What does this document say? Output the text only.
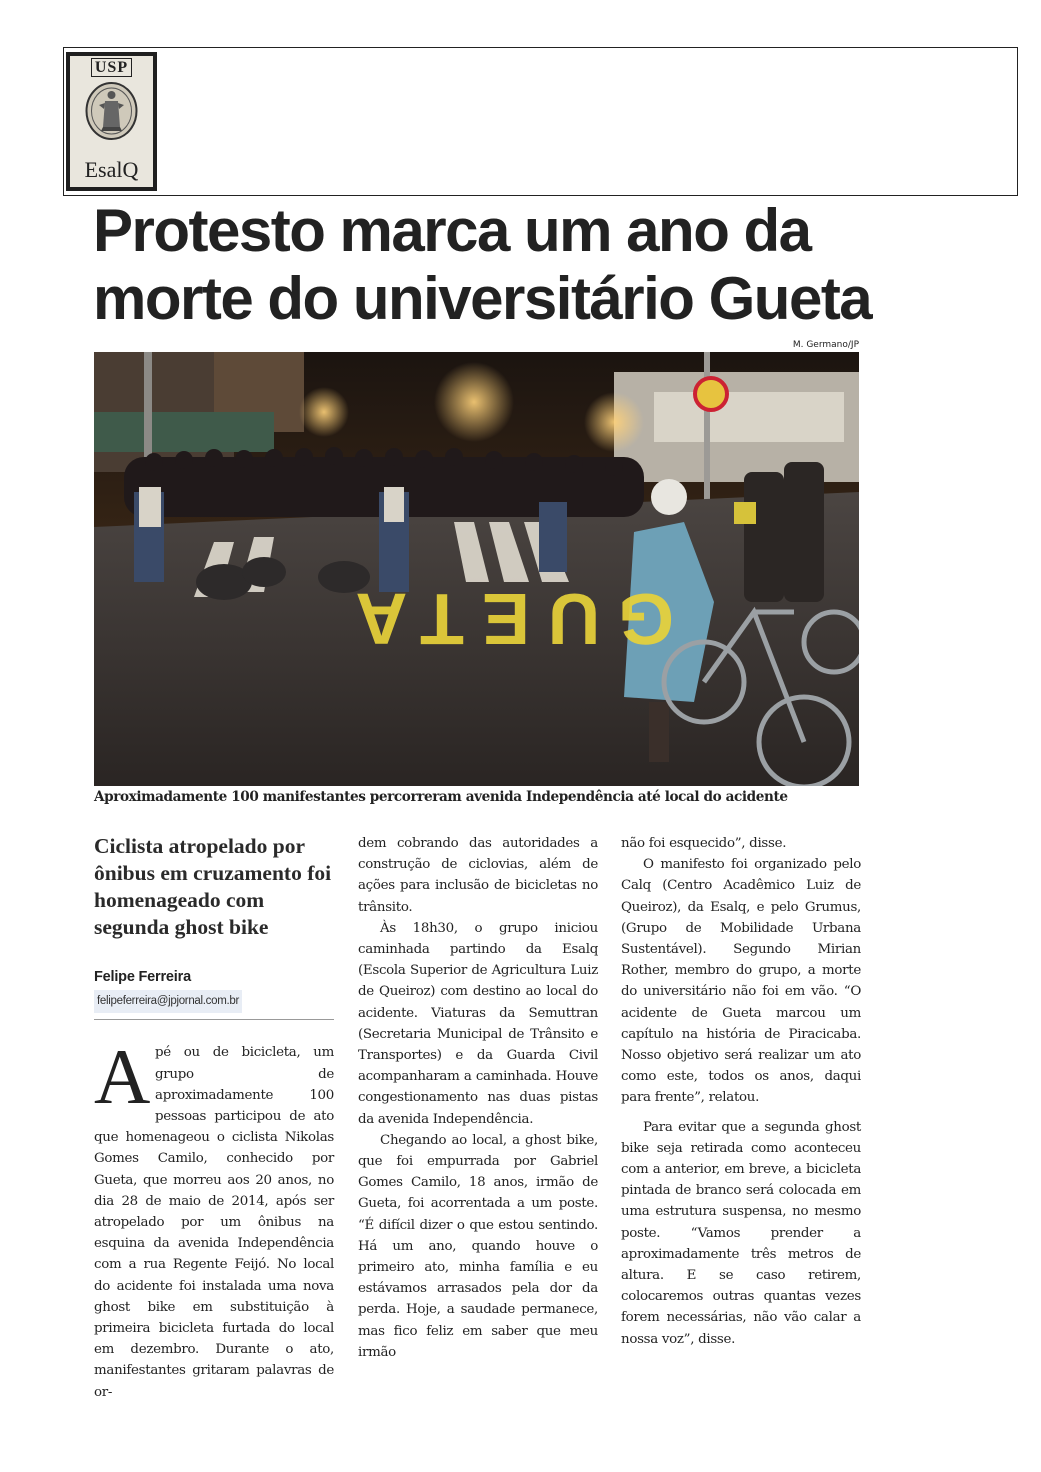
USP
EsalQ
Protesto marca um ano da morte do universitário Gueta
M. Germano/JP
GUETA
Aproximadamente 100 manifestantes percorreram avenida Independência até local do acidente
Ciclista atropelado por ônibus em cruzamento foi homenageado com segunda ghost bike
Felipe Ferreira
felipeferreira@jpjornal.com.br

Apé ou de bicicleta, um grupo de aproximadamente 100 pessoas participou de ato que homenageou o ciclista Nikolas Gomes Camilo, conhecido por Gueta, que morreu aos 20 anos, no dia 28 de maio de 2014, após ser atropelado por um ônibus na esquina da avenida Independência com a rua Regente Feijó. No local do acidente foi instalada uma nova ghost bike em substituição à primeira bicicleta furtada do local em dezembro. Durante o ato, manifestantes gritaram palavras de or-

dem cobrando das autoridades a construção de ciclovias, além de ações para inclusão de bicicletas no trânsito.

Às 18h30, o grupo iniciou caminhada partindo da Esalq (Escola Superior de Agricultura Luiz de Queiroz) com destino ao local do acidente. Viaturas da Semuttran (Secretaria Municipal de Trânsito e Transportes) e da Guarda Civil acompanharam a caminhada. Houve congestionamento nas duas pistas da avenida Independência.

Chegando ao local, a ghost bike, que foi empurrada por Gabriel Gomes Camilo, 18 anos, irmão de Gueta, foi acorrentada a um poste. “É difícil dizer o que estou sentindo. Há um ano, quando houve o primeiro ato, minha família e eu estávamos arrasados pela dor da perda. Hoje, a saudade permanece, mas fico feliz em saber que meu irmão

não foi esquecido”, disse.

O manifesto foi organizado pelo Calq (Centro Acadêmico Luiz de Queiroz), da Esalq, e pelo Grumus, (Grupo de Mobilidade Urbana Sustentável). Segundo Mirian Rother, membro do grupo, a morte do universitário não foi em vão. “O acidente de Gueta marcou um capítulo na história de Piracicaba. Nosso objetivo será realizar um ato como este, todos os anos, daqui para frente”, relatou.

Para evitar que a segunda ghost bike seja retirada como aconteceu com a anterior, em breve, a bicicleta pintada de branco será colocada em uma estrutura suspensa, no mesmo poste. “Vamos prender a aproximadamente três metros de altura. E se caso retirem, colocaremos outras quantas vezes forem necessárias, não vão calar a nossa voz”, disse.
